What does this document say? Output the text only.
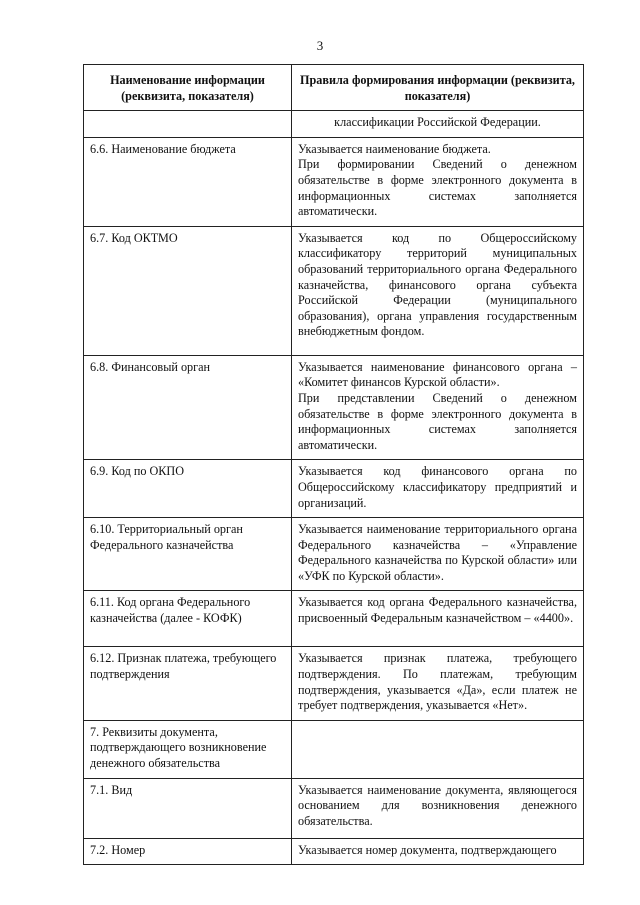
3
Наименование информации (реквизита, показателя)	Правила формирования информации (реквизита, показателя)

	классификации Российской Федерации.

6.6. Наименование бюджета	Указывается наименование бюджета.

При формировании Сведений о денежном обязательстве в форме электронного документа в информационных системах заполняется автоматически.

6.7. Код ОКТМО	Указывается код по Общероссийскому классификатору территорий муниципальных образований территориального органа Федерального казначейства, финансового органа субъекта Российской Федерации (муниципального образования), органа управления государственным внебюджетным фондом.

6.8. Финансовый орган	Указывается наименование финансового органа – «Комитет финансов Курской области».

При представлении Сведений о денежном обязательстве в форме электронного документа в информационных системах заполняется автоматически.

6.9. Код по ОКПО	Указывается код финансового органа по Общероссийскому классификатору предприятий и организаций.

6.10. Территориальный орган Федерального казначейства	Указывается наименование территориального органа Федерального казначейства – «Управление Федерального казначейства по Курской области» или «УФК по Курской области».

6.11. Код органа Федерального казначейства (далее - КОФК)	Указывается код органа Федерального казначейства, присвоенный Федеральным казначейством – «4400».

6.12. Признак платежа, требующего подтверждения	Указывается признак платежа, требующего подтверждения. По платежам, требующим подтверждения, указывается «Да», если платеж не требует подтверждения, указывается «Нет».

7. Реквизиты документа, подтверждающего возникновение денежного обязательства	
7.1. Вид	Указывается наименование документа, являющегося основанием для возникновения денежного обязательства.

7.2. Номер	Указывается номер документа, подтверждающего
